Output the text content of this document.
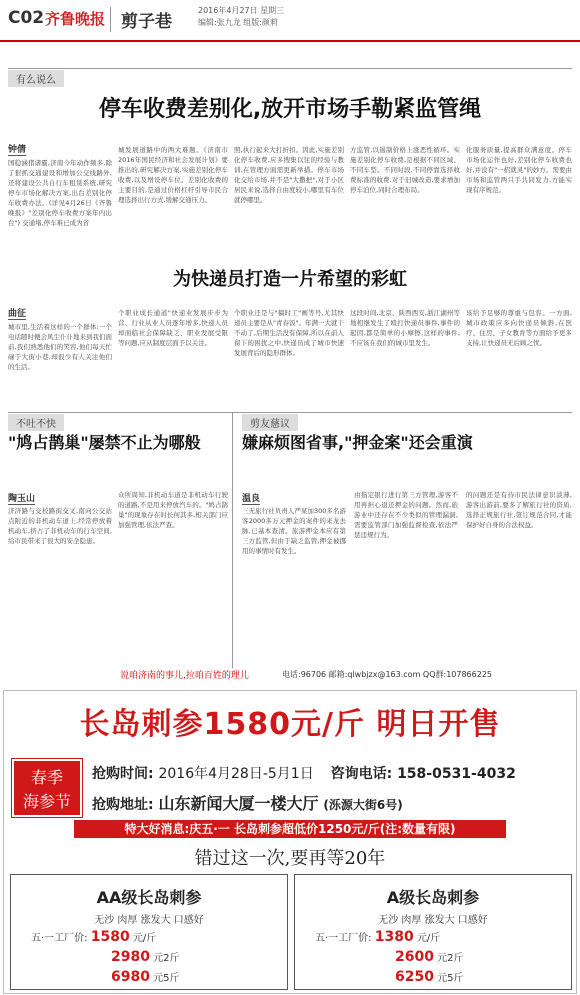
C02 齐鲁晚报 剪子巷
2016年4月27日 星期三
编辑:张九龙 组版:颜莉
有么说么
停车收费差别化,放开市场手勒紧监管绳
钟倩
国稳涵猪诸霸,济南今年动作频多,除了狠抓交通建设和增加公交线路外,还将建设公共自行车租赁系统,研究停车市场化解决方案,出台差别化停车收费办法。(详见4月26日《齐鲁晚报》"差别化停车收费方案年内出台") 交通堵,停车难已成为省
城发展道路中的两大难题。《济南市2016年国民经济和社会发展计划》要推出的,研究解决方案,实施差别化停车收费,以及增设停车位。差别化收费的主要目的,是通过价格杠杆引导市民合理选择出行方式,缓解交通压力。
照,执行起来大打折扣。因此,实施差别化停车收费,应多搜集以往的经验与教训,在管理方面需更新举措。停车市场化交给市场,并不是"大撒把",对于小区居民来说,选择自由度较小,哪里有车位就停哪里。
方监管,以遏制价格上涨恶性循环。实施差别化停车收费,是根据不同区域、不同车型、不同时段,不同停靠选择收费标准的收费,对于旧城改造,要求增加停车泊位,同时合理布局。
化服务质量,提高群众满意度。停车市场化运作也好,差别化停车收费也好,并没有"一招就灵"的妙方。需要由市场和监管两只手共同发力,方能实现有序规范。
为快递员打造一片希望的彩虹
曲征
城市里,生活着这样的一个群体:一个电话随时便会风尘仆仆地来到我们面前,我们熟悉他们的笑容,他们每天忙碌于大街小巷,却很少有人关注他们的生活。
个职业成长通道"快递业发展步步为营、行业从业人员逐年增多,快递人员却面临社会保障缺乏、职业发展受限等问题,应从制度层面予以关注。
个职业还是与"搞时工"画等号,尤其快递员主要是从"青春饭"。年满一大就干不动了,后期生活没有保障,所以在前人留下的困扰之中,快递员成了城市快速发展背后的隐形群体。
这段时间,北京、陕西西安,浙江湖州等地相继发生了殴打快递员事件,事件的起因,都是简单的小摩擦,这样的事件,不应该在我们的城市里发生。
该给予足够的尊重与包容。一方面,城市政策应多向快递员倾斜,在医疗、住房、子女教育等方面给予更多支持,让快递员无后顾之忧。
不吐不快
"鸠占鹊巢"屡禁不止为哪般
陶玉山
济济路与交校路街交叉,南向公交站点附近的非机动车道上,经常停放着机动车,挤占了非机动车的行车空间,给市民带来了很大的安全隐患。
众所周知,非机动车道是非机动车行驶的道路,不是用来停放汽车的。"鸠占鹊巢"的现象存在时长何其多,相关部门应加强管理,依法严查。
剪友慈议
嫌麻烦图省事,"押金案"还会重演
温良
三无旅行社负责人严某加300多名游客2000多万元押金的案件的来龙去脉,已基本查清。旅游押金本应有第三方监管,但由于缺乏监管,押金被挪用的事情时有发生。
由指定银行进行第三方管理,游客不用再担心退还押金的问题。然而,旅游业中还存在不少类似的管理漏洞,需要监管部门加强监督检查,依法严惩违规行为。
的问题还是有待市民法律意识淡薄,游客出游前,要多了解旅行社的资质,选择正规旅行社,签订规范合同,才能保护好自身的合法权益。
说咱济南的事儿,拉咱百姓的理儿	电话:96706 邮箱:qlwbjzx@163.com QQ群:107866225
长岛刺参1580元/斤 明日开售
春季
海参节
抢购时间: 2016年4月28日-5月1日 咨询电话: 158-0531-4032
抢购地址: 山东新闻大厦一楼大厅 (泺源大街6号)
特大好消息:庆五·一 长岛刺参超低价1250元/斤(注:数量有限)
错过这一次,要再等20年
AA级长岛刺参
无沙 肉厚 涨发大 口感好
五·一工厂价: 1580 元/斤
2980 元2斤
6980 元5斤
A级长岛刺参
无沙 肉厚 涨发大 口感好
五·一工厂价: 1380 元/斤
2600 元2斤
6250 元5斤
